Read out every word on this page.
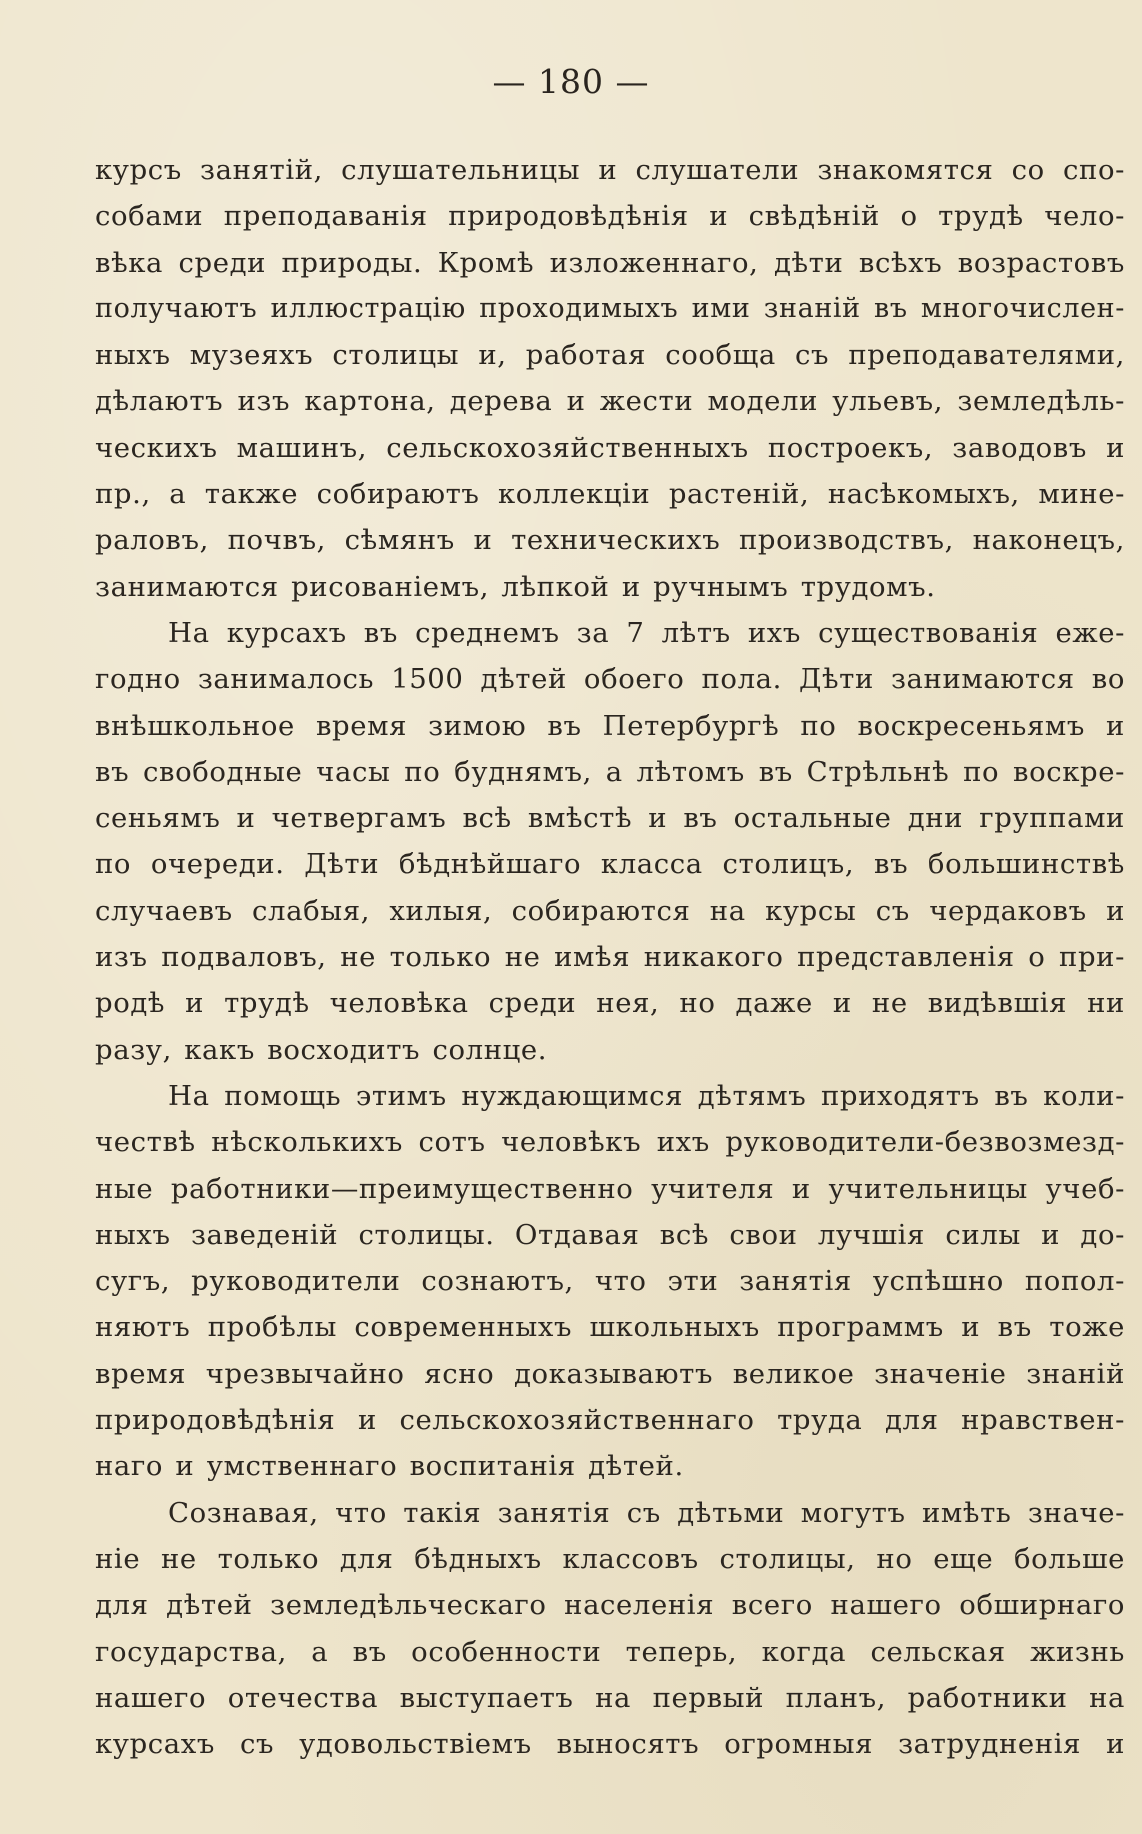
— 180 —
курсъ занятій, слушательницы и слушатели знакомятся со спо-
собами преподаванія природовѣдѣнія и свѣдѣній о трудѣ чело-
вѣка среди природы. Кромѣ изложеннаго, дѣти всѣхъ возрастовъ
получаютъ иллюстрацію проходимыхъ ими знаній въ многочислен-
ныхъ музеяхъ столицы и, работая сообща съ преподавателями,
дѣлаютъ изъ картона, дерева и жести модели ульевъ, земледѣль-
ческихъ машинъ, сельскохозяйственныхъ построекъ, заводовъ и
пр., а также собираютъ коллекціи растеній, насѣкомыхъ, мине-
раловъ, почвъ, сѣмянъ и техническихъ производствъ, наконецъ,
занимаются рисованіемъ, лѣпкой и ручнымъ трудомъ.
На курсахъ въ среднемъ за 7 лѣтъ ихъ существованія еже-
годно занималось 1500 дѣтей обоего пола. Дѣти занимаются во
внѣшкольное время зимою въ Петербургѣ по воскресеньямъ и
въ свободные часы по буднямъ, а лѣтомъ въ Стрѣльнѣ по воскре-
сеньямъ и четвергамъ всѣ вмѣстѣ и въ остальные дни группами
по очереди. Дѣти бѣднѣйшаго класса столицъ, въ большинствѣ
случаевъ слабыя, хилыя, собираются на курсы съ чердаковъ и
изъ подваловъ, не только не имѣя никакого представленія о при-
родѣ и трудѣ человѣка среди нея, но даже и не видѣвшія ни
разу, какъ восходитъ солнце.
На помощь этимъ нуждающимся дѣтямъ приходятъ въ коли-
чествѣ нѣсколькихъ сотъ человѣкъ ихъ руководители-безвозмезд-
ные работники—преимущественно учителя и учительницы учеб-
ныхъ заведеній столицы. Отдавая всѣ свои лучшія силы и до-
сугъ, руководители сознаютъ, что эти занятія успѣшно попол-
няютъ пробѣлы современныхъ школьныхъ программъ и въ тоже
время чрезвычайно ясно доказываютъ великое значеніе знаній
природовѣдѣнія и сельскохозяйственнаго труда для нравствен-
наго и умственнаго воспитанія дѣтей.
Сознавая, что такія занятія съ дѣтьми могутъ имѣть значе-
ніе не только для бѣдныхъ классовъ столицы, но еще больше
для дѣтей земледѣльческаго населенія всего нашего обширнаго
государства, а въ особенности теперь, когда сельская жизнь
нашего отечества выступаетъ на первый планъ, работники на
курсахъ съ удовольствіемъ выносятъ огромныя затрудненія и
